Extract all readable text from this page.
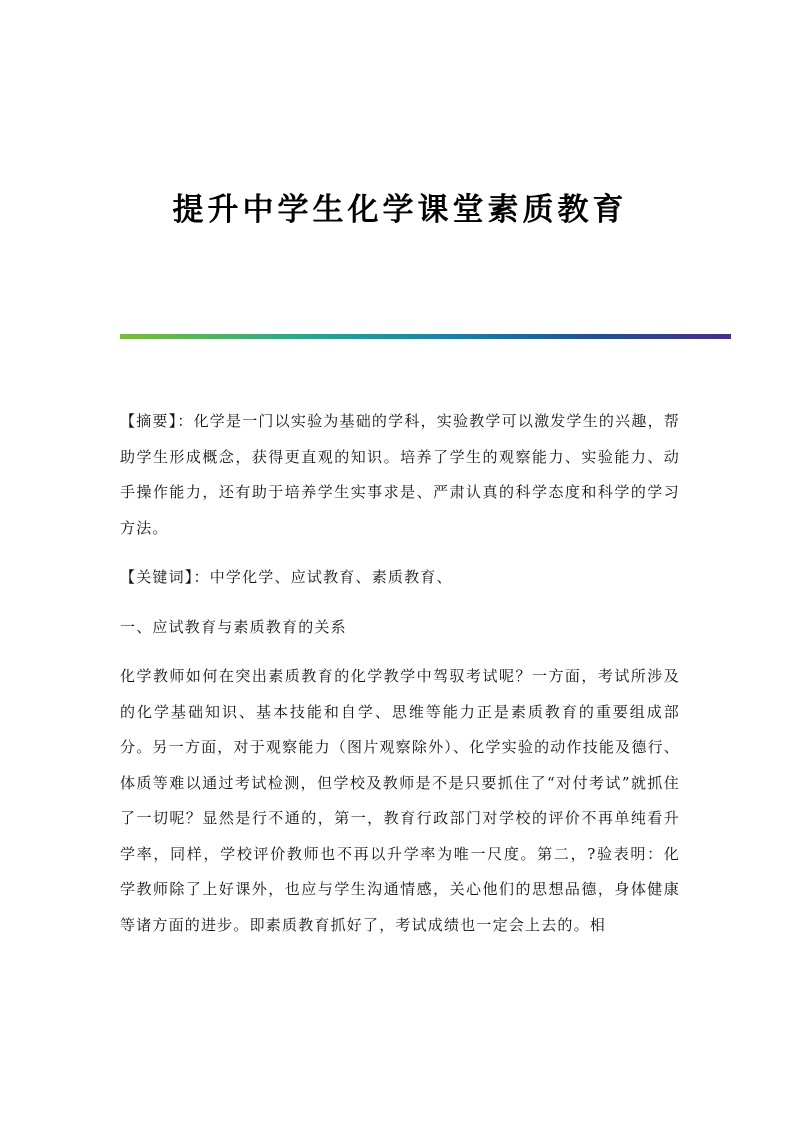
提升中学生化学课堂素质教育

【摘要】：化学是一门以实验为基础的学科，实验教学可以激发学生的兴趣，帮助学生形成概念，获得更直观的知识。培养了学生的观察能力、实验能力、动手操作能力，还有助于培养学生实事求是、严肃认真的科学态度和科学的学习方法。

【关键词】：中学化学、应试教育、素质教育、

一、应试教育与素质教育的关系

化学教师如何在突出素质教育的化学教学中驾驭考试呢？一方面，考试所涉及的化学基础知识、基本技能和自学、思维等能力正是素质教育的重要组成部分。另一方面，对于观察能力（图片观察除外）、化学实验的动作技能及德行、体质等难以通过考试检测，但学校及教师是不是只要抓住了“对付考试”就抓住了一切呢？显然是行不通的，第一，教育行政部门对学校的评价不再单纯看升学率，同样，学校评价教师也不再以升学率为唯一尺度。第二，?验表明：化学教师除了上好课外，也应与学生沟通情感，关心他们的思想品德，身体健康等诸方面的进步。即素质教育抓好了，考试成绩也一定会上去的。相
